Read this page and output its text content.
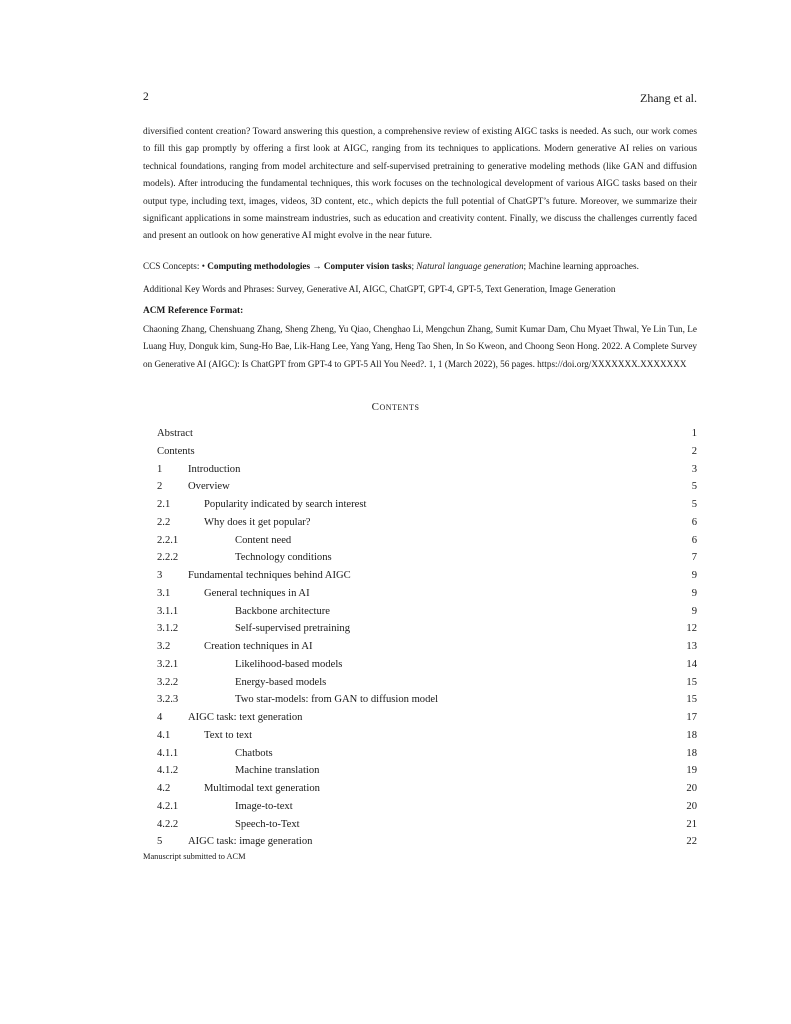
2	Zhang et al.
diversified content creation? Toward answering this question, a comprehensive review of existing AIGC tasks is needed. As such, our work comes to fill this gap promptly by offering a first look at AIGC, ranging from its techniques to applications. Modern generative AI relies on various technical foundations, ranging from model architecture and self-supervised pretraining to generative modeling methods (like GAN and diffusion models). After introducing the fundamental techniques, this work focuses on the technological development of various AIGC tasks based on their output type, including text, images, videos, 3D content, etc., which depicts the full potential of ChatGPT’s future. Moreover, we summarize their significant applications in some mainstream industries, such as education and creativity content. Finally, we discuss the challenges currently faced and present an outlook on how generative AI might evolve in the near future.
CCS Concepts: • Computing methodologies → Computer vision tasks; Natural language generation; Machine learning approaches.
Additional Key Words and Phrases: Survey, Generative AI, AIGC, ChatGPT, GPT-4, GPT-5, Text Generation, Image Generation
ACM Reference Format:
Chaoning Zhang, Chenshuang Zhang, Sheng Zheng, Yu Qiao, Chenghao Li, Mengchun Zhang, Sumit Kumar Dam, Chu Myaet Thwal, Ye Lin Tun, Le Luang Huy, Donguk kim, Sung-Ho Bae, Lik-Hang Lee, Yang Yang, Heng Tao Shen, In So Kweon, and Choong Seon Hong. 2022. A Complete Survey on Generative AI (AIGC): Is ChatGPT from GPT-4 to GPT-5 All You Need?. 1, 1 (March 2022), 56 pages. https://doi.org/XXXXXXX.XXXXXXX
Contents
Abstract	1
Contents	2
1 Introduction	3
2 Overview	5
2.1	Popularity indicated by search interest	5
2.2	Why does it get popular?	6
2.2.1	Content need	6
2.2.2	Technology conditions	7
3 Fundamental techniques behind AIGC	9
3.1	General techniques in AI	9
3.1.1	Backbone architecture	9
3.1.2	Self-supervised pretraining	12
3.2	Creation techniques in AI	13
3.2.1	Likelihood-based models	14
3.2.2	Energy-based models	15
3.2.3	Two star-models: from GAN to diffusion model	15
4 AIGC task: text generation	17
4.1	Text to text	18
4.1.1	Chatbots	18
4.1.2	Machine translation	19
4.2	Multimodal text generation	20
4.2.1	Image-to-text	20
4.2.2	Speech-to-Text	21
5 AIGC task: image generation	22
Manuscript submitted to ACM
